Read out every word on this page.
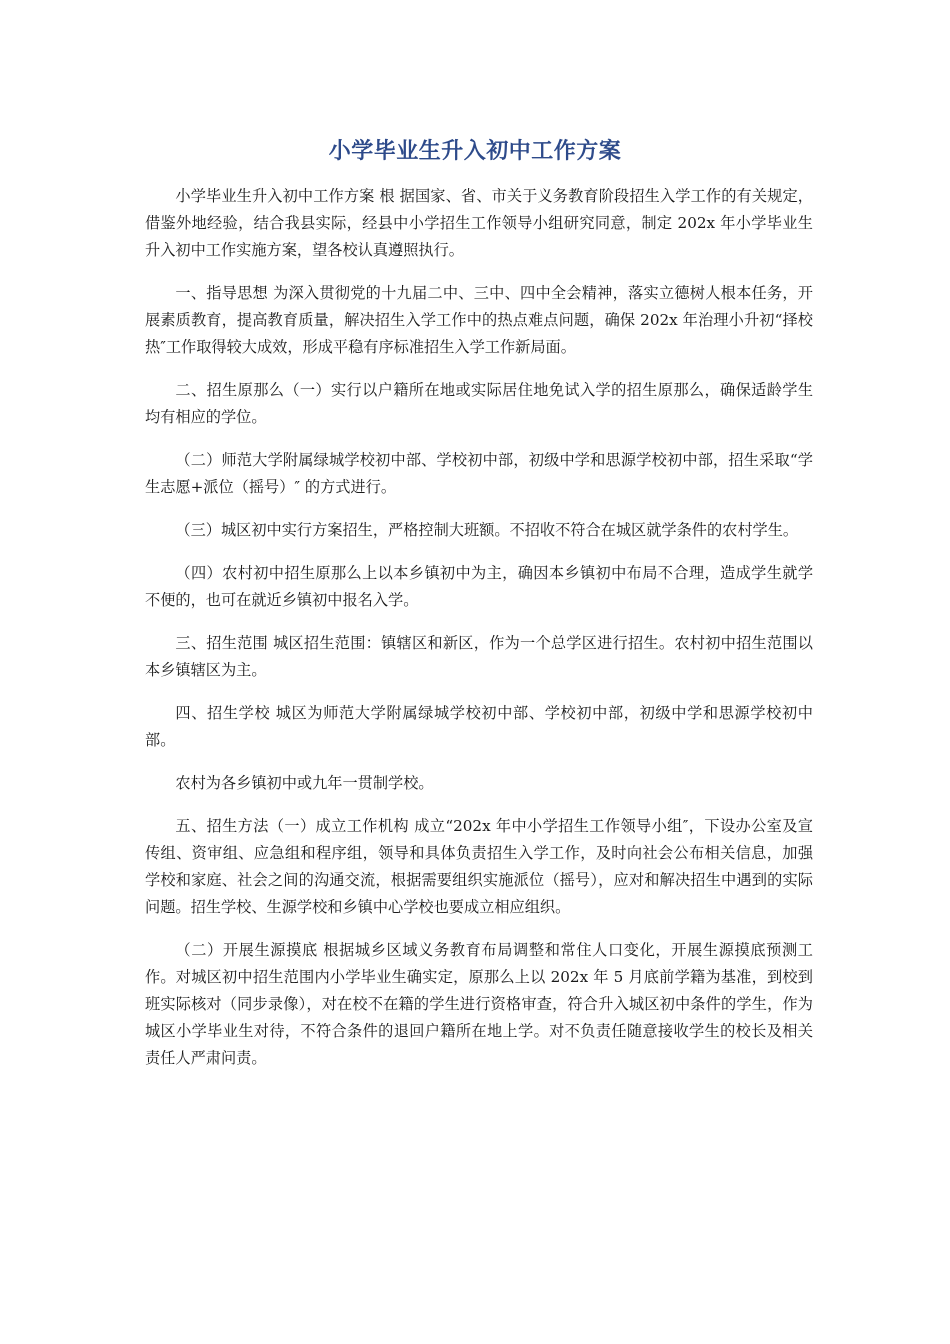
小学毕业生升入初中工作方案

小学毕业生升入初中工作方案 根 据国家、省、市关于义务教育阶段招生入学工作的有关规定，借鉴外地经验，结合我县实际，经县中小学招生工作领导小组研究同意，制定 202x 年小学毕业生升入初中工作实施方案，望各校认真遵照执行。

一、指导思想 为深入贯彻党的十九届二中、三中、四中全会精神，落实立德树人根本任务，开展素质教育，提高教育质量，解决招生入学工作中的热点难点问题，确保 202x 年治理小升初“择校热″工作取得较大成效，形成平稳有序标准招生入学工作新局面。

二、招生原那么（一）实行以户籍所在地或实际居住地免试入学的招生原那么，确保适龄学生均有相应的学位。

（二）师范大学附属绿城学校初中部、学校初中部，初级中学和思源学校初中部，招生采取“学生志愿+派位（摇号）″ 的方式进行。

（三）城区初中实行方案招生，严格控制大班额。不招收不符合在城区就学条件的农村学生。

（四）农村初中招生原那么上以本乡镇初中为主，确因本乡镇初中布局不合理，造成学生就学不便的，也可在就近乡镇初中报名入学。

三、招生范围 城区招生范围：镇辖区和新区，作为一个总学区进行招生。农村初中招生范围以本乡镇辖区为主。

四、招生学校 城区为师范大学附属绿城学校初中部、学校初中部，初级中学和思源学校初中部。

农村为各乡镇初中或九年一贯制学校。

五、招生方法（一）成立工作机构 成立“202x 年中小学招生工作领导小组″，下设办公室及宣传组、资审组、应急组和程序组，领导和具体负责招生入学工作，及时向社会公布相关信息，加强学校和家庭、社会之间的沟通交流，根据需要组织实施派位（摇号），应对和解决招生中遇到的实际问题。招生学校、生源学校和乡镇中心学校也要成立相应组织。

（二）开展生源摸底 根据城乡区域义务教育布局调整和常住人口变化，开展生源摸底预测工作。对城区初中招生范围内小学毕业生确实定，原那么上以 202x 年 5 月底前学籍为基准，到校到班实际核对（同步录像），对在校不在籍的学生进行资格审查，符合升入城区初中条件的学生，作为城区小学毕业生对待，不符合条件的退回户籍所在地上学。对不负责任随意接收学生的校长及相关责任人严肃问责。
